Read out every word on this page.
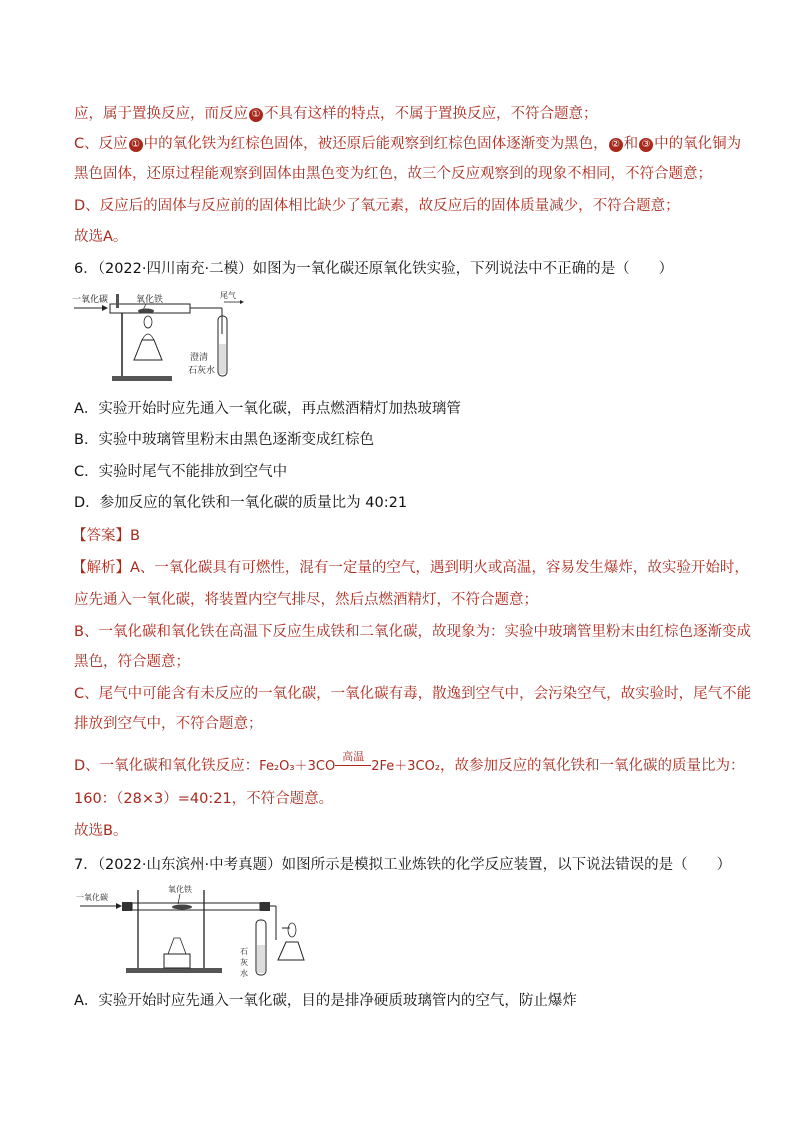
应，属于置换反应，而反应 ① 不具有这样的特点，不属于置换反应，不符合题意；
C、反应 ① 中的氧化铁为红棕色固体，被还原后能观察到红棕色固体逐渐变为黑色， ② 和 ③ 中的氧化铜为
黑色固体，还原过程能观察到固体由黑色变为红色，故三个反应观察到的现象不相同，不符合题意；
D、反应后的固体与反应前的固体相比缺少了氧元素，故反应后的固体质量减少，不符合题意；
故选A。
6．（2022·四川南充·二模）如图为一氧化碳还原氧化铁实验，下列说法中不正确的是（　　）
一氧化碳	氧化铁	尾气
澄清
石灰水
A．实验开始时应先通入一氧化碳，再点燃酒精灯加热玻璃管
B．实验中玻璃管里粉末由黑色逐渐变成红棕色
C．实验时尾气不能排放到空气中
D．参加反应的氧化铁和一氧化碳的质量比为 40:21
【答案】B
【解析】A、一氧化碳具有可燃性，混有一定量的空气，遇到明火或高温，容易发生爆炸，故实验开始时，
应先通入一氧化碳，将装置内空气排尽，然后点燃酒精灯，不符合题意；
B、一氧化碳和氧化铁在高温下反应生成铁和二氧化碳，故现象为：实验中玻璃管里粉末由红棕色逐渐变成
黑色，符合题意；
C、尾气中可能含有未反应的一氧化碳，一氧化碳有毒，散逸到空气中，会污染空气，故实验时，尾气不能
排放到空气中，不符合题意；
D、一氧化碳和氧化铁反应：Fe₂O₃＋3CO
高温
2Fe＋3CO₂，故参加反应的氧化铁和一氧化碳的质量比为：
160：（28×3）=40:21，不符合题意。
故选B。
7．（2022·山东滨州·中考真题）如图所示是模拟工业炼铁的化学反应装置，以下说法错误的是（　　）
一氧化碳
氧化铁
石
灰
水
A．实验开始时应先通入一氧化碳，目的是排净硬质玻璃管内的空气，防止爆炸
